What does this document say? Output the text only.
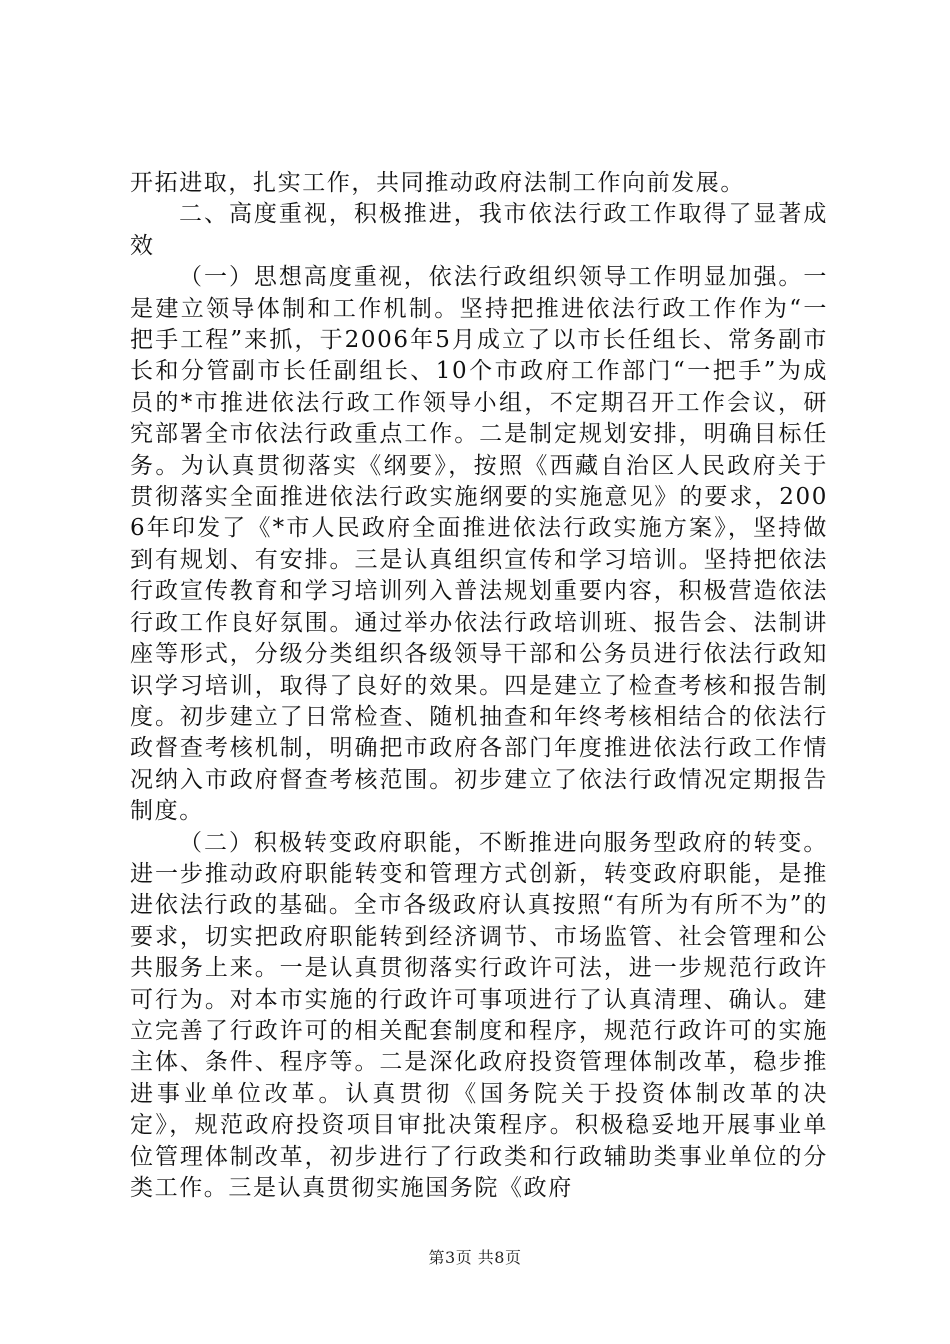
开拓进取，扎实工作，共同推动政府法制工作向前发展。

二、高度重视，积极推进，我市依法行政工作取得了显著成效

（一）思想高度重视，依法行政组织领导工作明显加强。一是建立领导体制和工作机制。坚持把推进依法行政工作作为“一把手工程”来抓，于2006年5月成立了以市长任组长、常务副市长和分管副市长任副组长、10个市政府工作部门“一把手”为成员的*市推进依法行政工作领导小组，不定期召开工作会议，研究部署全市依法行政重点工作。二是制定规划安排，明确目标任务。为认真贯彻落实《纲要》，按照《西藏自治区人民政府关于贯彻落实全面推进依法行政实施纲要的实施意见》的要求，2006年印发了《*市人民政府全面推进依法行政实施方案》，坚持做到有规划、有安排。三是认真组织宣传和学习培训。坚持把依法行政宣传教育和学习培训列入普法规划重要内容，积极营造依法行政工作良好氛围。通过举办依法行政培训班、报告会、法制讲座等形式，分级分类组织各级领导干部和公务员进行依法行政知识学习培训，取得了良好的效果。四是建立了检查考核和报告制度。初步建立了日常检查、随机抽查和年终考核相结合的依法行政督查考核机制，明确把市政府各部门年度推进依法行政工作情况纳入市政府督查考核范围。初步建立了依法行政情况定期报告制度。

（二）积极转变政府职能，不断推进向服务型政府的转变。进一步推动政府职能转变和管理方式创新，转变政府职能，是推进依法行政的基础。全市各级政府认真按照“有所为有所不为”的要求，切实把政府职能转到经济调节、市场监管、社会管理和公共服务上来。一是认真贯彻落实行政许可法，进一步规范行政许可行为。对本市实施的行政许可事项进行了认真清理、确认。建立完善了行政许可的相关配套制度和程序，规范行政许可的实施主体、条件、程序等。二是深化政府投资管理体制改革，稳步推进事业单位改革。认真贯彻《国务院关于投资体制改革的决定》，规范政府投资项目审批决策程序。积极稳妥地开展事业单位管理体制改革，初步进行了行政类和行政辅助类事业单位的分类工作。三是认真贯彻实施国务院《政府

第3页 共8页
